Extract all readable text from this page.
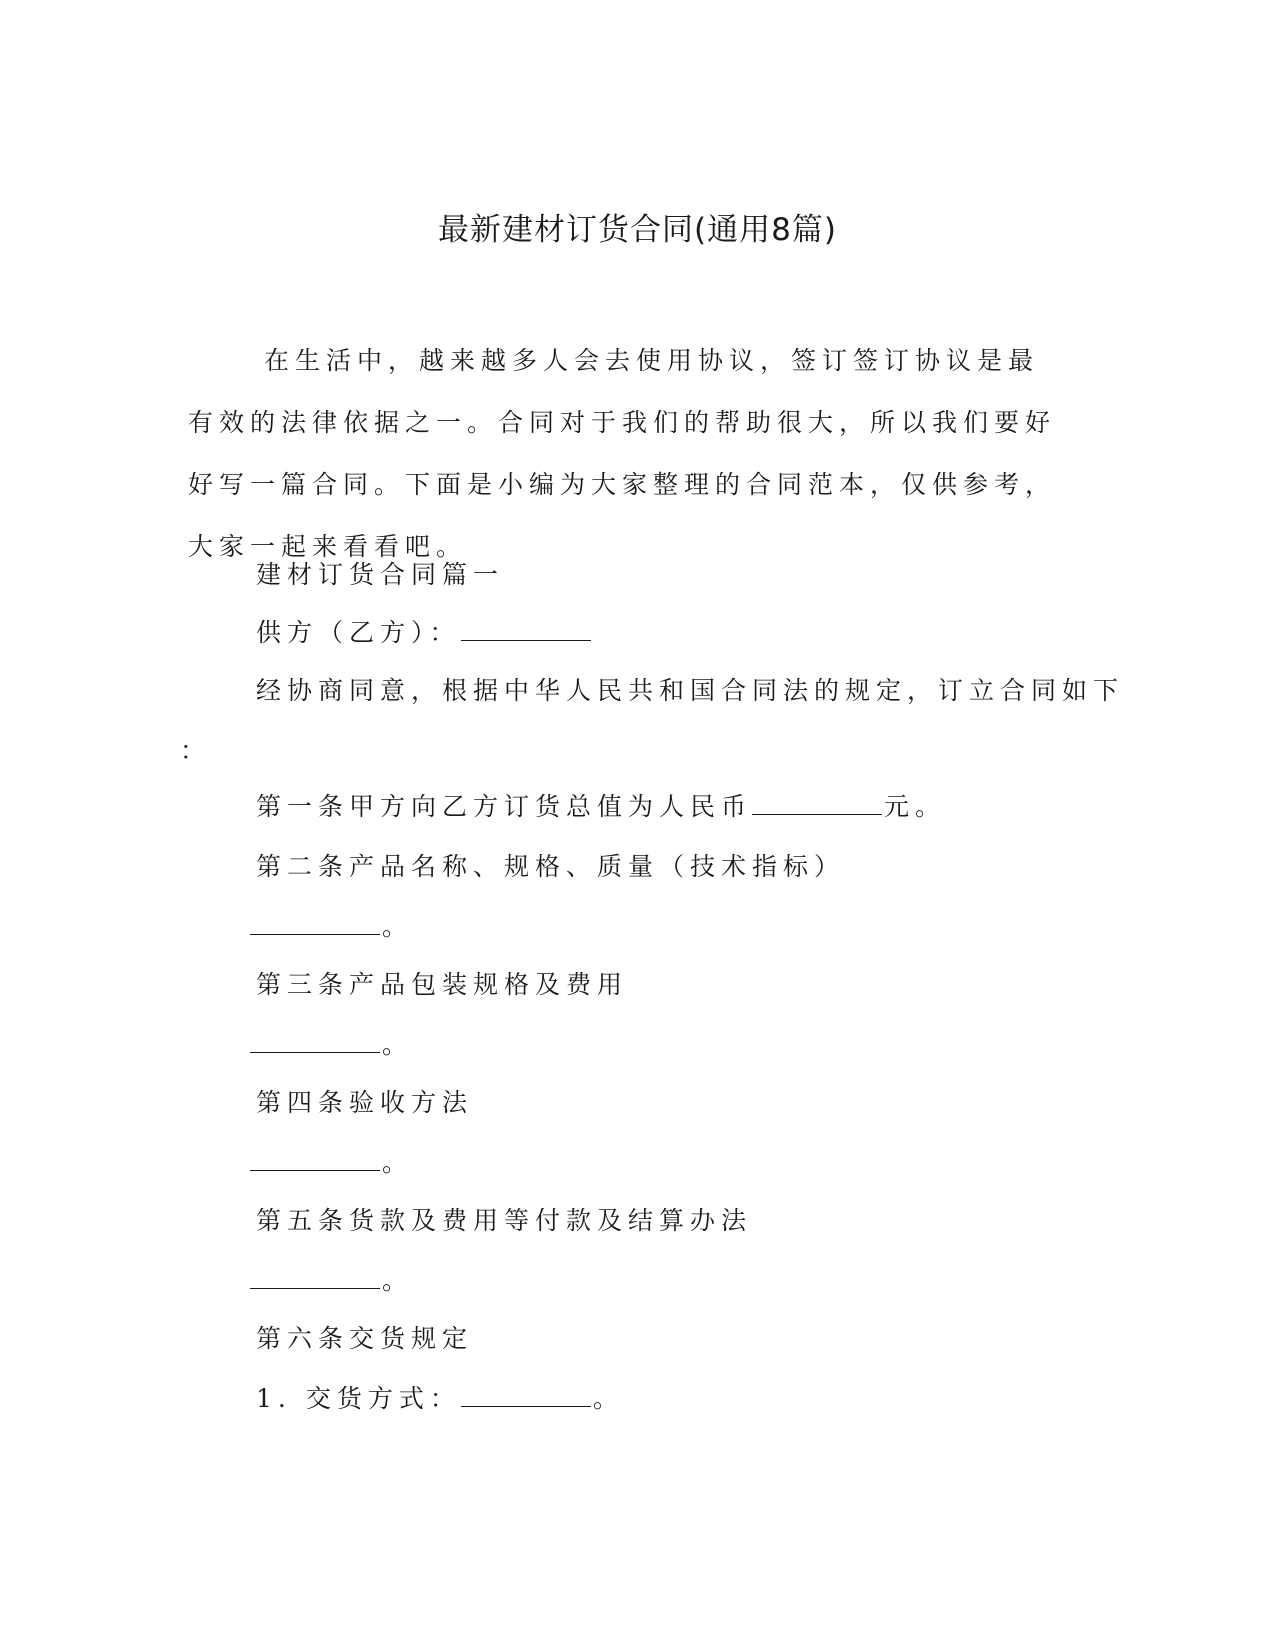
最新建材订货合同(通用8篇)

在生活中，越来越多人会去使用协议，签订签订协议是最有效的法律依据之一。合同对于我们的帮助很大，所以我们要好好写一篇合同。下面是小编为大家整理的合同范本，仅供参考，大家一起来看看吧。

建材订货合同篇一
供方（乙方）：
经协商同意，根据中华人民共和国合同法的规定，订立合同如下
：
第一条甲方向乙方订货总值为人民币	元。
第二条产品名称、规格、质量（技术指标）
。
第三条产品包装规格及费用
。
第四条验收方法
。
第五条货款及费用等付款及结算办法
。
第六条交货规定
1. 交货方式：	。
